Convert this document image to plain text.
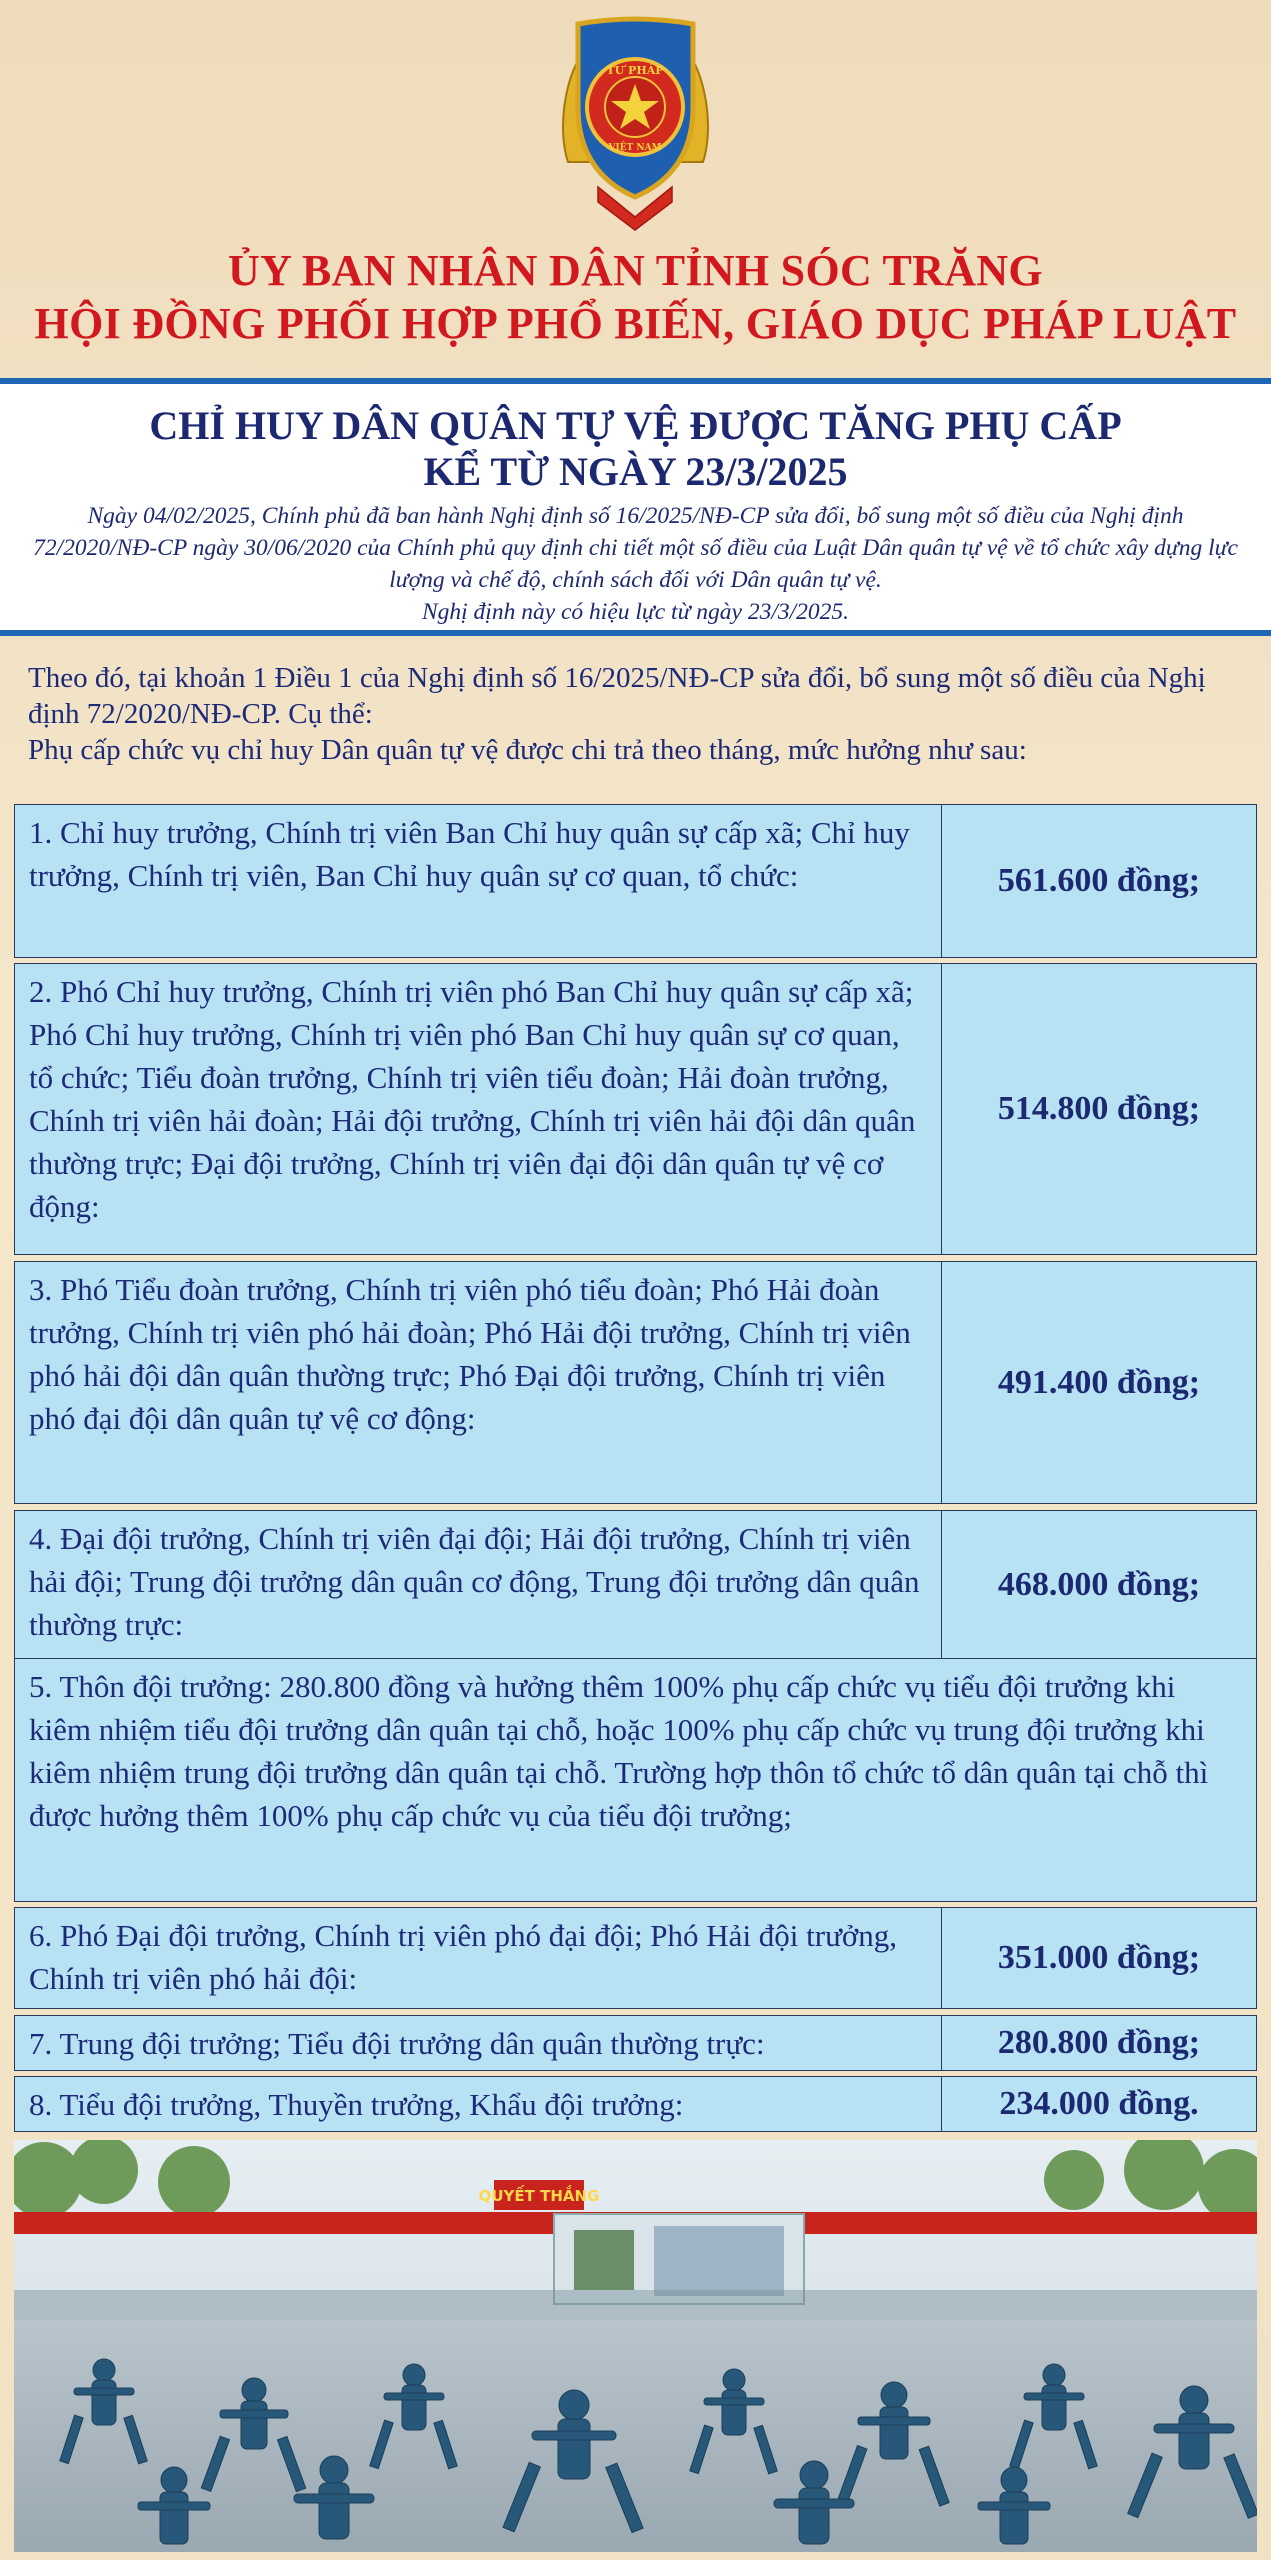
TƯ PHÁP
VIỆT NAM
ỦY BAN NHÂN DÂN TỈNH SÓC TRĂNG
HỘI ĐỒNG PHỐI HỢP PHỔ BIẾN, GIÁO DỤC PHÁP LUẬT
CHỈ HUY DÂN QUÂN TỰ VỆ ĐƯỢC TĂNG PHỤ CẤP
KỂ TỪ NGÀY 23/3/2025
Ngày 04/02/2025, Chính phủ đã ban hành Nghị định số 16/2025/NĐ-CP sửa đổi, bổ sung một số điều của Nghị định 72/2020/NĐ-CP ngày 30/06/2020 của Chính phủ quy định chi tiết một số điều của Luật Dân quân tự vệ về tổ chức xây dựng lực lượng và chế độ, chính sách đối với Dân quân tự vệ.
Nghị định này có hiệu lực từ ngày 23/3/2025.
Theo đó, tại khoản 1 Điều 1 của Nghị định số 16/2025/NĐ-CP sửa đổi, bổ sung một số điều của Nghị định 72/2020/NĐ-CP. Cụ thể:
Phụ cấp chức vụ chỉ huy Dân quân tự vệ được chi trả theo tháng, mức hưởng như sau:
1. Chỉ huy trưởng, Chính trị viên Ban Chỉ huy quân sự cấp xã; Chỉ huy trưởng, Chính trị viên, Ban Chỉ huy quân sự cơ quan, tổ chức:	561.600 đồng;
2. Phó Chỉ huy trưởng, Chính trị viên phó Ban Chỉ huy quân sự cấp xã; Phó Chỉ huy trưởng, Chính trị viên phó Ban Chỉ huy quân sự cơ quan, tổ chức; Tiểu đoàn trưởng, Chính trị viên tiểu đoàn; Hải đoàn trưởng, Chính trị viên hải đoàn; Hải đội trưởng, Chính trị viên hải đội dân quân thường trực; Đại đội trưởng, Chính trị viên đại đội dân quân tự vệ cơ động:
514.800 đồng;
3. Phó Tiểu đoàn trưởng, Chính trị viên phó tiểu đoàn; Phó Hải đoàn trưởng, Chính trị viên phó hải đoàn; Phó Hải đội trưởng, Chính trị viên phó hải đội dân quân thường trực; Phó Đại đội trưởng, Chính trị viên phó đại đội dân quân tự vệ cơ động:
491.400 đồng;
4. Đại đội trưởng, Chính trị viên đại đội; Hải đội trưởng, Chính trị viên hải đội; Trung đội trưởng dân quân cơ động, Trung đội trưởng dân quân thường trực:
468.000 đồng;
5. Thôn đội trưởng: 280.800 đồng và hưởng thêm 100% phụ cấp chức vụ tiểu đội trưởng khi kiêm nhiệm tiểu đội trưởng dân quân tại chỗ, hoặc 100% phụ cấp chức vụ trung đội trưởng khi kiêm nhiệm trung đội trưởng dân quân tại chỗ. Trường hợp thôn tổ chức tổ dân quân tại chỗ thì được hưởng thêm 100% phụ cấp chức vụ của tiểu đội trưởng;
6. Phó Đại đội trưởng, Chính trị viên phó đại đội; Phó Hải đội trưởng, Chính trị viên phó hải đội:
351.000 đồng;
7. Trung đội trưởng; Tiểu đội trưởng dân quân thường trực:	280.800 đồng;
8. Tiểu đội trưởng, Thuyền trưởng, Khẩu đội trưởng:	234.000 đồng.
QUYẾT THẮNG
